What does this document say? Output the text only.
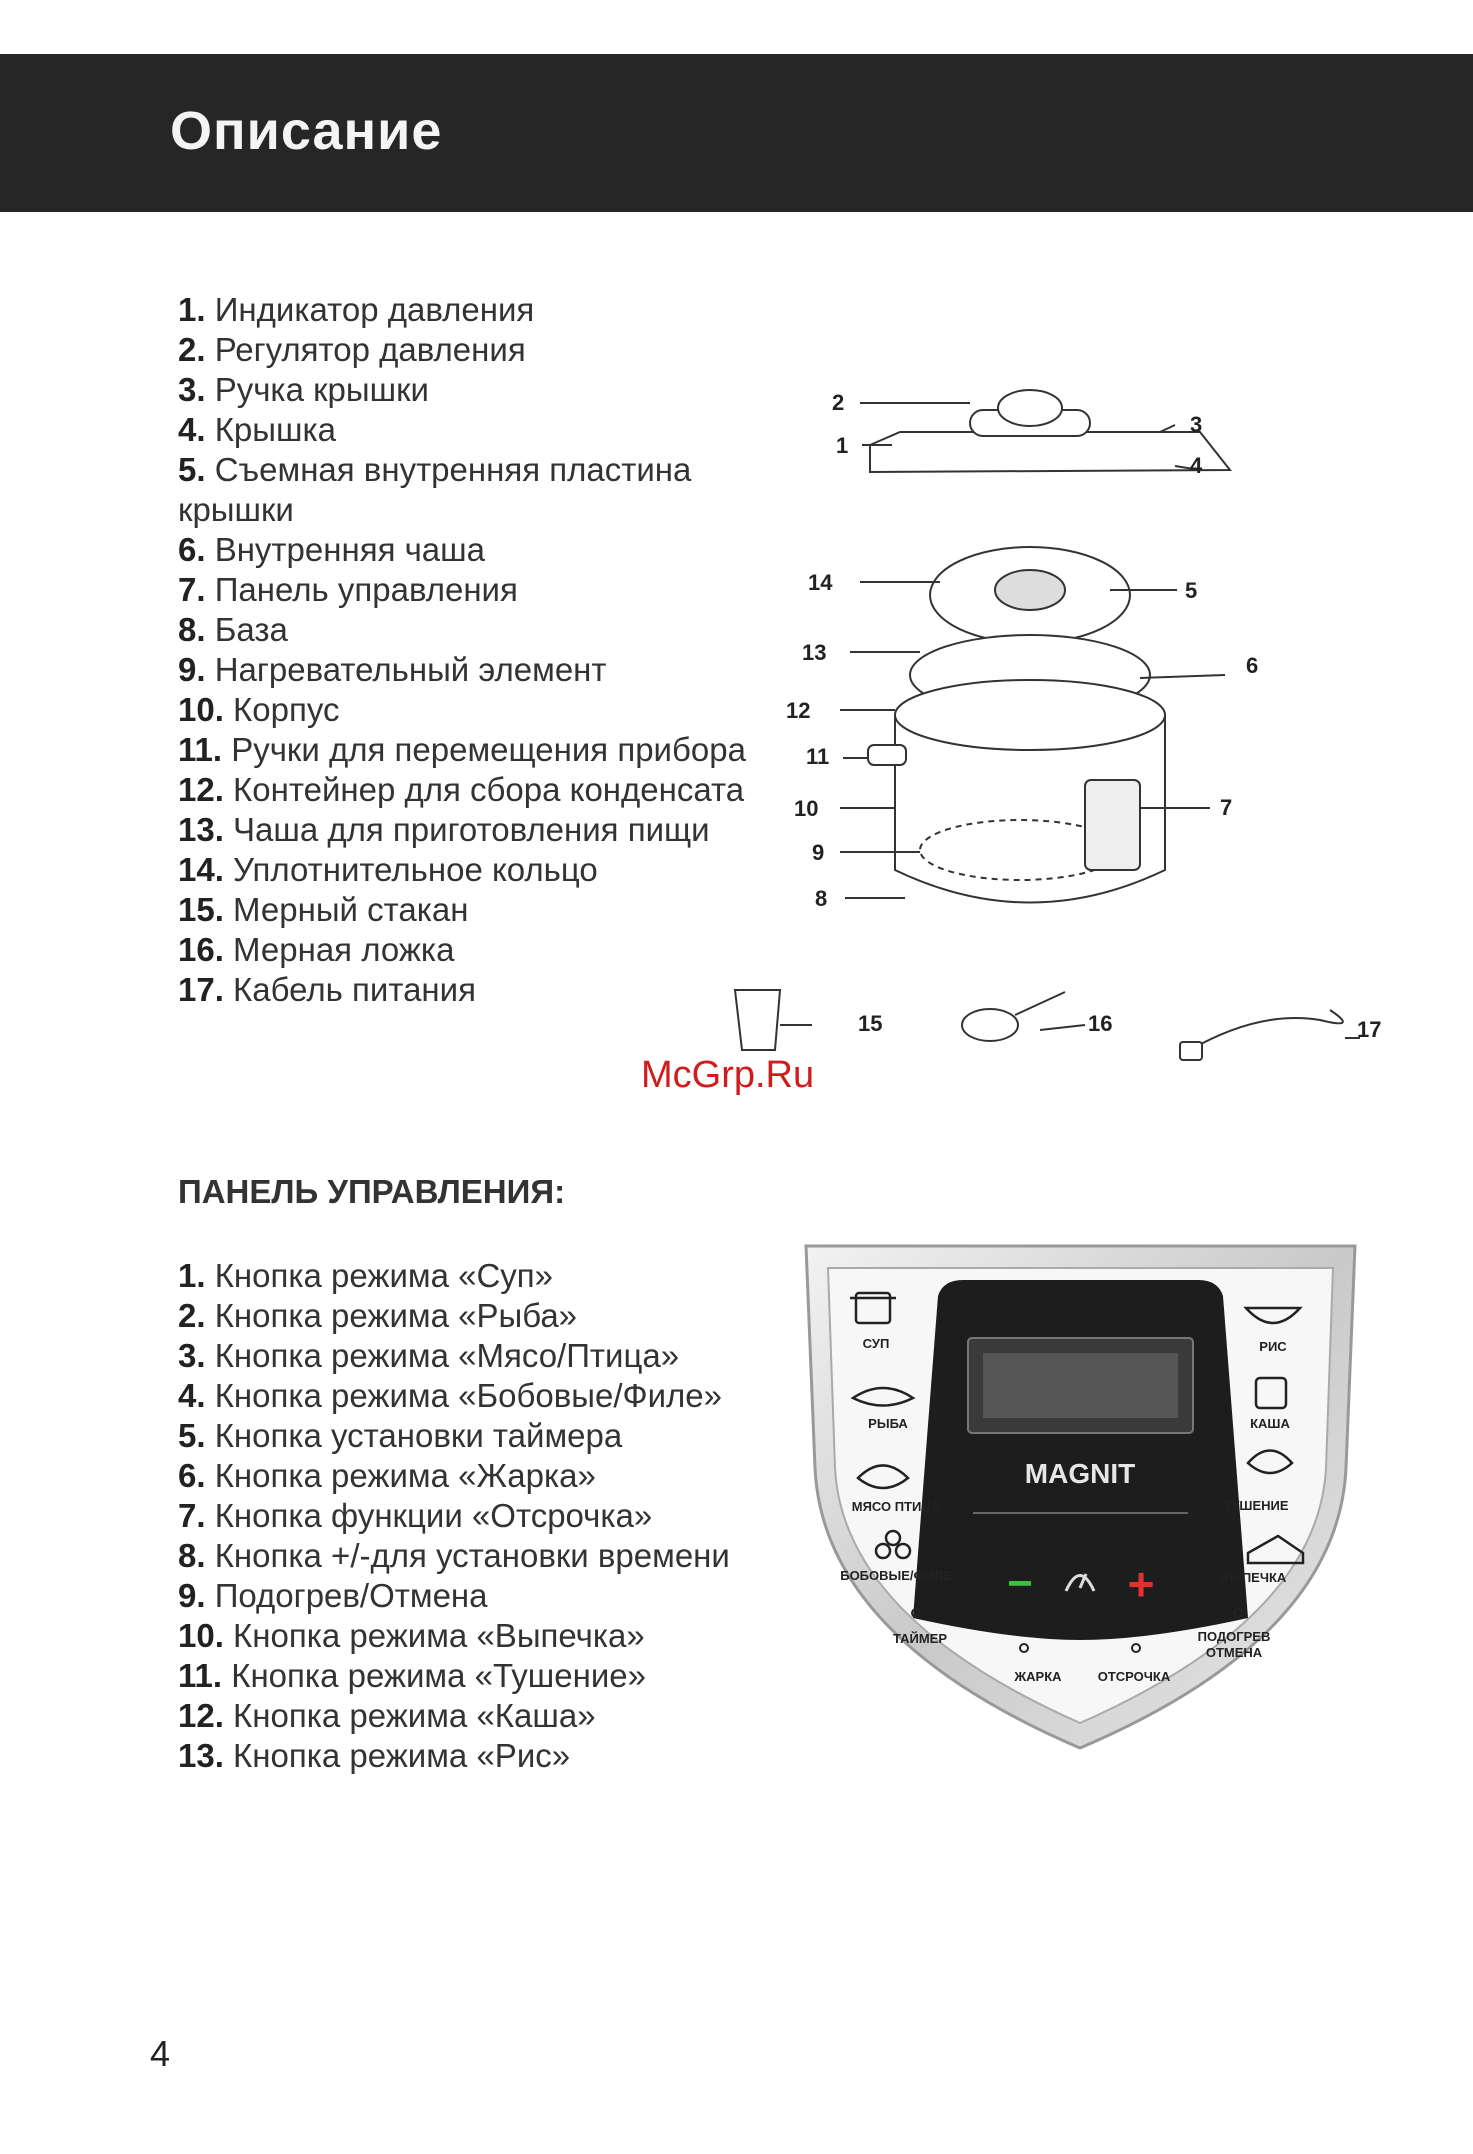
Описание
1. Индикатор давления
2. Регулятор давления
3. Ручка крышки
4. Крышка
5. Съемная внутренняя пластина крышки
6. Внутренняя чаша
7. Панель управления
8. База
9. Нагревательный элемент
10. Корпус
11. Ручки для перемещения прибора
12. Контейнер для сбора конденсата
13. Чаша для приготовления пищи
14. Уплотнительное кольцо
15. Мерный стакан
16. Мерная ложка
17. Кабель питания
2
1
3
4
5
14
13
6
12
11
10	7
9
8
15	16	17
McGrp.Ru
ПАНЕЛЬ УПРАВЛЕНИЯ:
1. Кнопка режима «Суп»
2. Кнопка режима «Рыба»
3. Кнопка режима «Мясо/Птица»
4. Кнопка режима «Бобовые/Филе»
5. Кнопка установки таймера
6. Кнопка режима «Жарка»
7. Кнопка функции «Отсрочка»
8. Кнопка +/-для установки времени
9. Подогрев/Отмена
10. Кнопка режима «Выпечка»
11. Кнопка режима «Тушение»
12. Кнопка режима «Каша»
13. Кнопка режима «Рис»
MAGNIT
− +
СУП
РЫБА
МЯСО ПТИЦА
БОБОВЫЕ/ФИЛЕ
РИС
КАША
ТУШЕНИЕ
ВЫПЕЧКА
ТАЙМЕР
ЖАРКА	ОТСРОЧКА
ПОДОГРЕВ
ОТМЕНА
4
